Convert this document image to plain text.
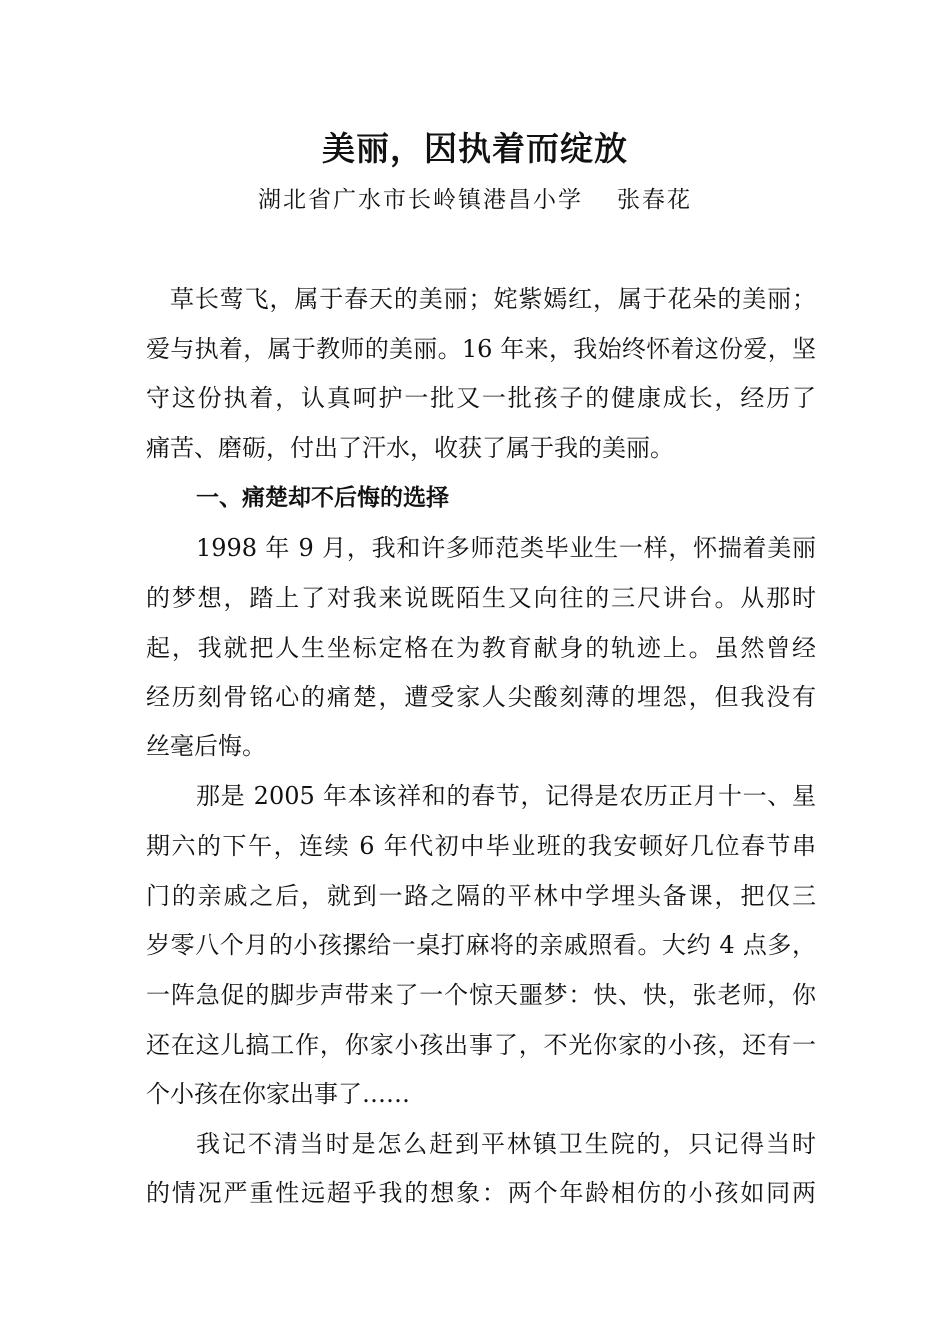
美丽，因执着而绽放
湖北省广水市长岭镇港昌小学 张春花
草长莺飞，属于春天的美丽；姹紫嫣红，属于花朵的美丽；
爱与执着，属于教师的美丽。16 年来，我始终怀着这份爱，坚
守这份执着，认真呵护一批又一批孩子的健康成长，经历了
痛苦、磨砺，付出了汗水，收获了属于我的美丽。
一、痛楚却不后悔的选择
1998 年 9 月，我和许多师范类毕业生一样，怀揣着美丽
的梦想，踏上了对我来说既陌生又向往的三尺讲台。从那时
起，我就把人生坐标定格在为教育献身的轨迹上。虽然曾经
经历刻骨铭心的痛楚，遭受家人尖酸刻薄的埋怨，但我没有
丝毫后悔。
那是 2005 年本该祥和的春节，记得是农历正月十一、星
期六的下午，连续 6 年代初中毕业班的我安顿好几位春节串
门的亲戚之后，就到一路之隔的平林中学埋头备课，把仅三
岁零八个月的小孩摞给一桌打麻将的亲戚照看。大约 4 点多，
一阵急促的脚步声带来了一个惊天噩梦：快、快，张老师，你
还在这儿搞工作，你家小孩出事了，不光你家的小孩，还有一
个小孩在你家出事了……
我记不清当时是怎么赶到平林镇卫生院的，只记得当时
的情况严重性远超乎我的想象：两个年龄相仿的小孩如同两
